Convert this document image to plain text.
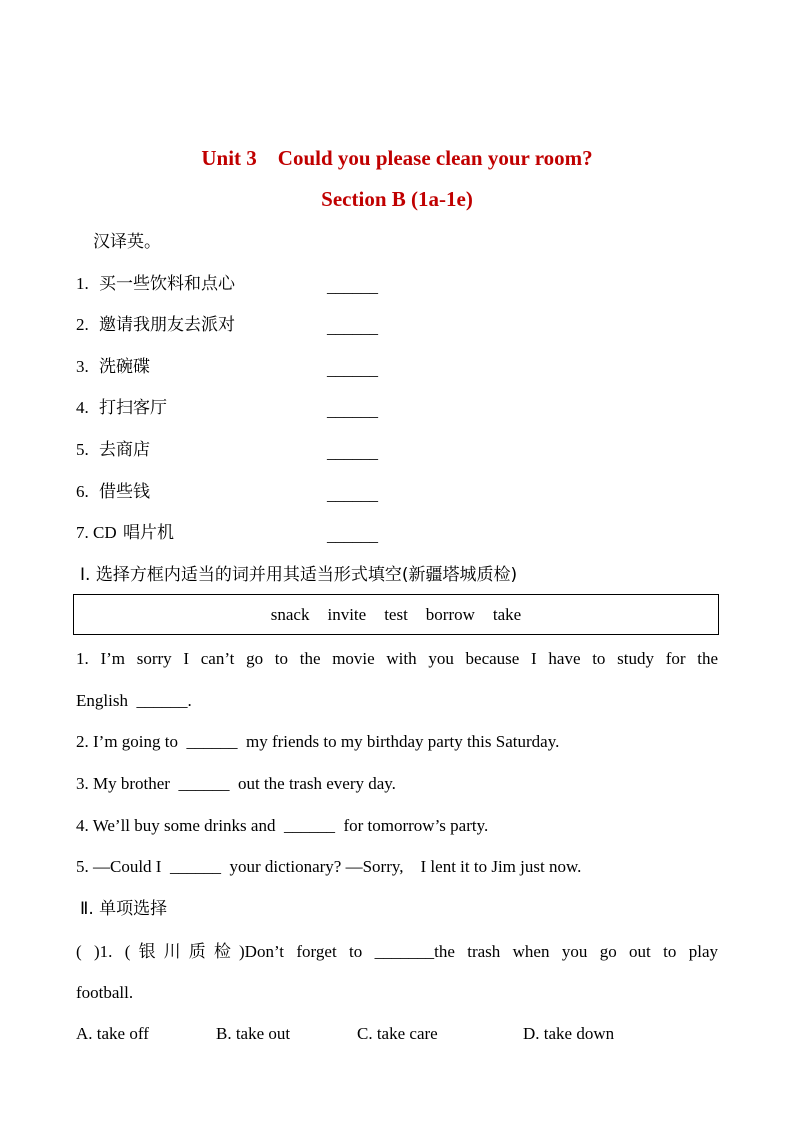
Unit 3    Could you please clean your room?
Section B (1a-1e)
汉译英。
1. 买一些饮料和点心	______
2. 邀请我朋友去派对	______
3. 洗碗碟	______
4. 打扫客厅	______
5. 去商店	______
6. 借些钱	______
7. CD 唱片机	______
Ⅰ. 选择方框内适当的词并用其适当形式填空(新疆塔城质检)
snack invite test borrow take
1. I’m sorry I can’t go to the movie with you because I have to study for the
English  ______.
2. I’m going to  ______  my friends to my birthday party this Saturday.
3. My brother  ______  out the trash every day.
4. We’ll buy some drinks and  ______  for tomorrow’s party.
5. —Could I  ______  your dictionary? —Sorry,    I lent it to Jim just now.
Ⅱ. 单项选择
( )1. (银川质检)Don’t forget to _______the trash when you go out to play
football.
A. take off	B. take out	C. take care	D. take down
